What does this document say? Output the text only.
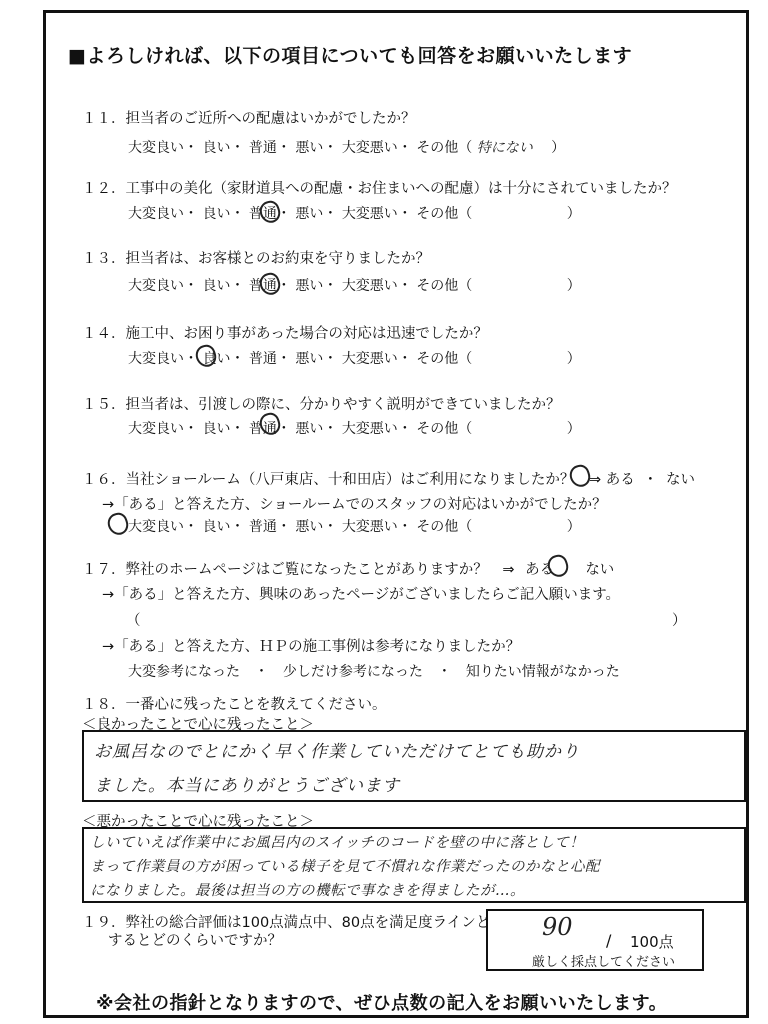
■よろしければ、以下の項目についても回答をお願いいたします
１１．担当者のご近所への配慮はいかがでしたか？
大変良い・ 良い・ 普通・ 悪い・ 大変悪い・ その他（ 特にない ）
１２．工事中の美化（家財道具への配慮・お住まいへの配慮）は十分にされていましたか？
大変良い・ 良い・ 普通・ 悪い・ 大変悪い・ その他（	）
１３．担当者は、お客様とのお約束を守りましたか？
大変良い・ 良い・ 普通・ 悪い・ 大変悪い・ その他（	）
１４．施工中、お困り事があった場合の対応は迅速でしたか？
大変良い・ 良い・ 普通・ 悪い・ 大変悪い・ その他（	）
１５．担当者は、引渡しの際に、分かりやすく説明ができていましたか？
大変良い・ 良い・ 普通・ 悪い・ 大変悪い・ その他（	）
１６．当社ショールーム（八戸東店、十和田店）はご利用になりましたか？ ⇒ ある ・ ない
→「ある」と答えた方、ショールームでのスタッフの対応はいかがでしたか？
大変良い・ 良い・ 普通・ 悪い・ 大変悪い・ その他（	）
１７．弊社のホームページはご覧になったことがありますか？ ⇒ ある ない
→「ある」と答えた方、興味のあったページがございましたらご記入願います。
（	）
→「ある」と答えた方、ＨＰの施工事例は参考になりましたか？
大変参考になった ・ 少しだけ参考になった ・ 知りたい情報がなかった
１８．一番心に残ったことを教えてください。
＜良かったことで心に残ったこと＞
お風呂なのでとにかく早く作業していただけてとても助かり
ました。本当にありがとうございます
＜悪かったことで心に残ったこと＞
しいていえば作業中にお風呂内のスイッチのコードを壁の中に落として！
まって作業員の方が困っている様子を見て不慣れな作業だったのかなと心配
になりました。最後は担当の方の機転で事なきを得ましたが…。
１９．弊社の総合評価は100点満点中、80点を満足度ラインと
するとどのくらいですか？	90 / 100点
厳しく採点してください
※会社の指針となりますので、ぜひ点数の記入をお願いいたします。
